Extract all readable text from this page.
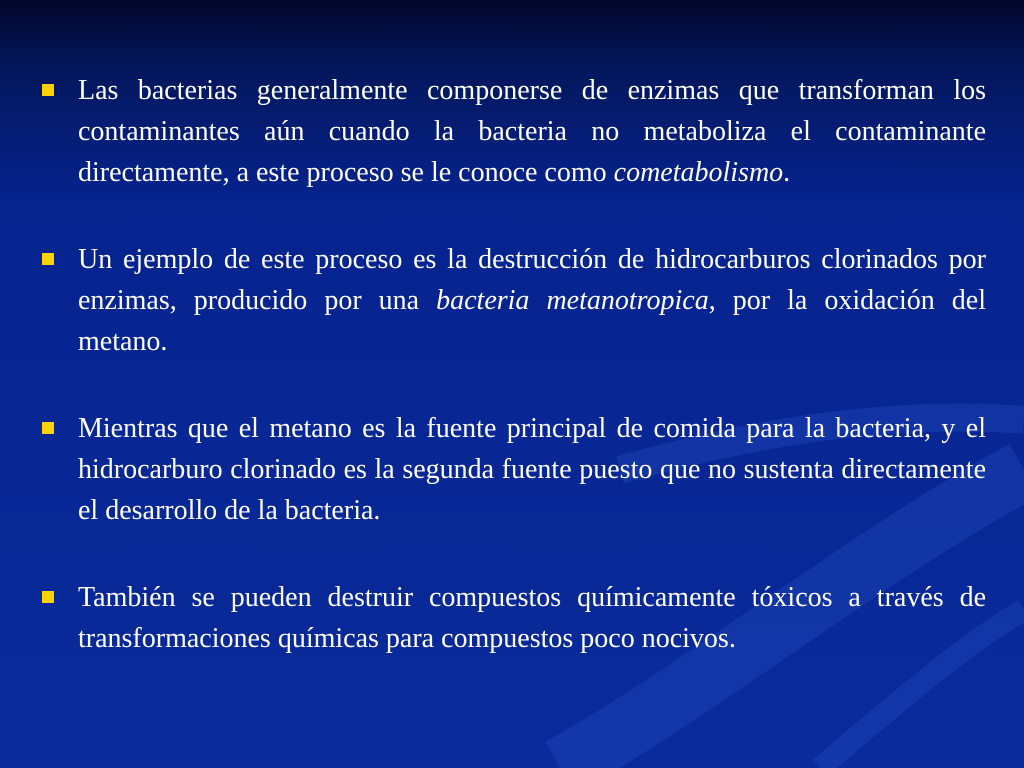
Las bacterias generalmente componerse de enzimas que transforman los contaminantes aún cuando la bacteria no metaboliza el contaminante directamente, a este proceso se le conoce como cometabolismo.
Un ejemplo de este proceso es la destrucción de hidrocarburos clorinados por enzimas, producido por una bacteria metanotropica, por la oxidación del metano.
Mientras que el metano es la fuente principal de comida para la bacteria, y el hidrocarburo clorinado es la segunda fuente puesto que no sustenta directamente el desarrollo de la bacteria.
También se pueden destruir compuestos químicamente tóxicos a través de transformaciones químicas para compuestos poco nocivos.
